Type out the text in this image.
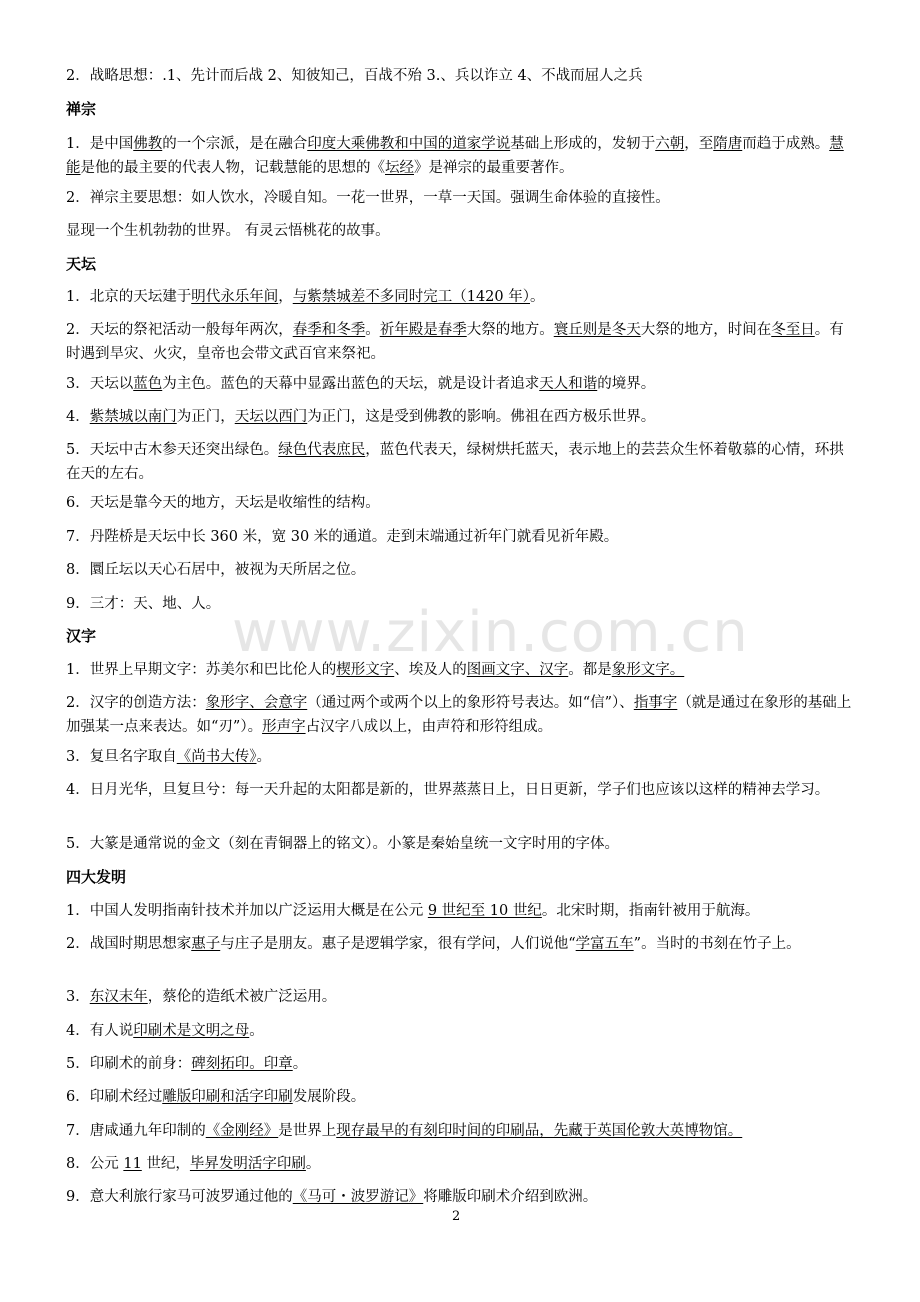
2．战略思想：.1、先计而后战 2、知彼知己，百战不殆 3.、兵以诈立 4、不战而屈人之兵
禅宗
1．是中国佛教的一个宗派，是在融合印度大乘佛教和中国的道家学说基础上形成的，发轫于六朝，至隋唐而趋于成熟。慧能是他的最主要的代表人物，记载慧能的思想的《坛经》是禅宗的最重要著作。
2．禅宗主要思想：如人饮水，冷暖自知。一花一世界，一草一天国。强调生命体验的直接性。
显现一个生机勃勃的世界。 有灵云悟桃花的故事。
天坛
1．北京的天坛建于明代永乐年间，与紫禁城差不多同时完工（1420 年）。
2．天坛的祭祀活动一般每年两次，春季和冬季。祈年殿是春季大祭的地方。寰丘则是冬天大祭的地方，时间在冬至日。有时遇到旱灾、火灾，皇帝也会带文武百官来祭祀。
3．天坛以蓝色为主色。蓝色的天幕中显露出蓝色的天坛，就是设计者追求天人和谐的境界。
4．紫禁城以南门为正门，天坛以西门为正门，这是受到佛教的影响。佛祖在西方极乐世界。
5．天坛中古木参天还突出绿色。绿色代表庶民，蓝色代表天，绿树烘托蓝天，表示地上的芸芸众生怀着敬慕的心情，环拱在天的左右。
6．天坛是靠今天的地方，天坛是收缩性的结构。
7．丹陛桥是天坛中长 360 米，宽 30 米的通道。走到末端通过祈年门就看见祈年殿。
8．圜丘坛以天心石居中，被视为天所居之位。
9．三才：天、地、人。
汉字
1．世界上早期文字：苏美尔和巴比伦人的楔形文字、埃及人的图画文字、汉字。都是象形文字。
2．汉字的创造方法：象形字、会意字（通过两个或两个以上的象形符号表达。如“信”）、指事字（就是通过在象形的基础上加强某一点来表达。如“刃”）。形声字占汉字八成以上，由声符和形符组成。
3．复旦名字取自《尚书大传》。
4．日月光华，旦复旦兮：每一天升起的太阳都是新的，世界蒸蒸日上，日日更新，学子们也应该以这样的精神去学习。
5．大篆是通常说的金文（刻在青铜器上的铭文）。小篆是秦始皇统一文字时用的字体。
四大发明
1．中国人发明指南针技术并加以广泛运用大概是在公元 9 世纪至 10 世纪。北宋时期，指南针被用于航海。
2．战国时期思想家惠子与庄子是朋友。惠子是逻辑学家，很有学问，人们说他“学富五车”。当时的书刻在竹子上。
3．东汉末年，蔡伦的造纸术被广泛运用。
4．有人说印刷术是文明之母。
5．印刷术的前身：碑刻拓印。印章。
6．印刷术经过雕版印刷和活字印刷发展阶段。
7．唐咸通九年印制的《金刚经》是世界上现存最早的有刻印时间的印刷品，先藏于英国伦敦大英博物馆。
8．公元 11 世纪，毕昇发明活字印刷。
9．意大利旅行家马可波罗通过他的《马可・波罗游记》将雕版印刷术介绍到欧洲。
www.zixin.com.cn
2
